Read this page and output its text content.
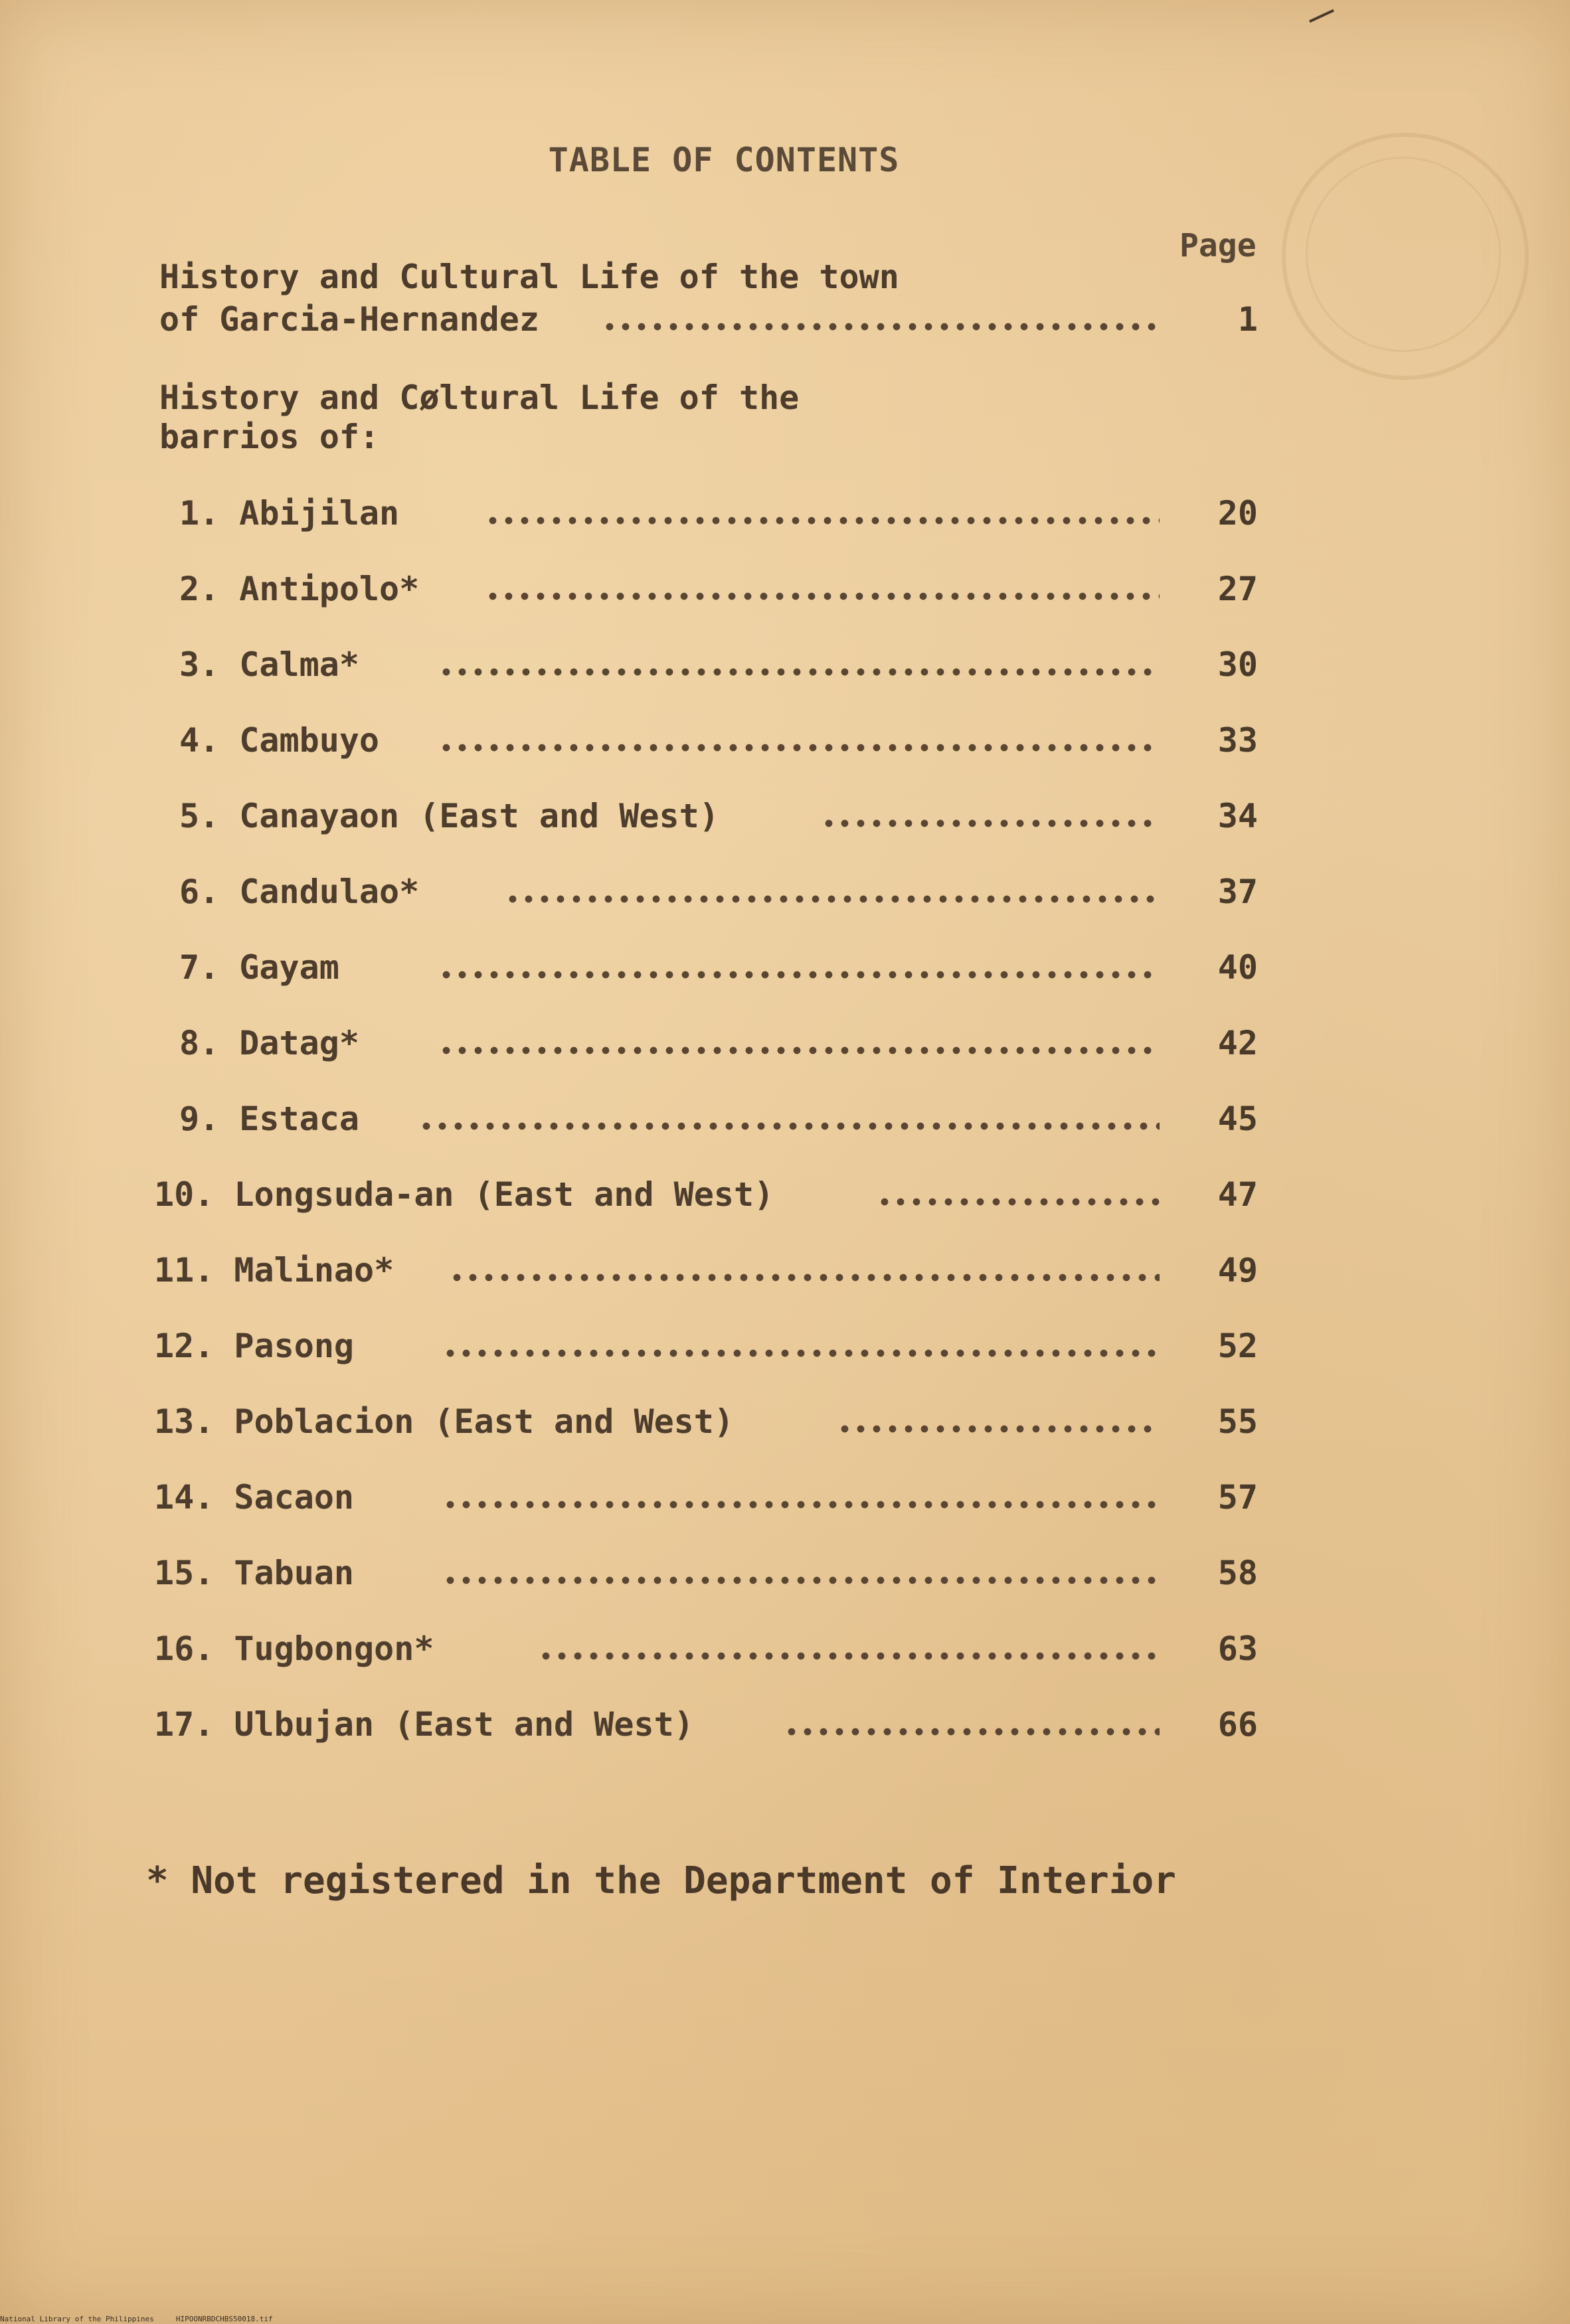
TABLE OF CONTENTS
Page
History and Cultural Life of the town
of Garcia-Hernandez	1
History and Cøltural Life of the
barrios of:
1. Abijilan	20
2. Antipolo*	27
3. Calma*	30
4. Cambuyo	33
5. Canayaon (East and West)	34
6. Candulao*	37
7. Gayam	40
8. Datag*	42
9. Estaca	45
10. Longsuda-an (East and West)	47
11. Malinao*	49
12. Pasong	52
13. Poblacion (East and West)	55
14. Sacaon	57
15. Tabuan	58
16. Tugbongon*	63
17. Ulbujan (East and West)	66
* Not registered in the Department of Interior
National Library of the Philippines     HIPOONRBDCHBS50018.tif
